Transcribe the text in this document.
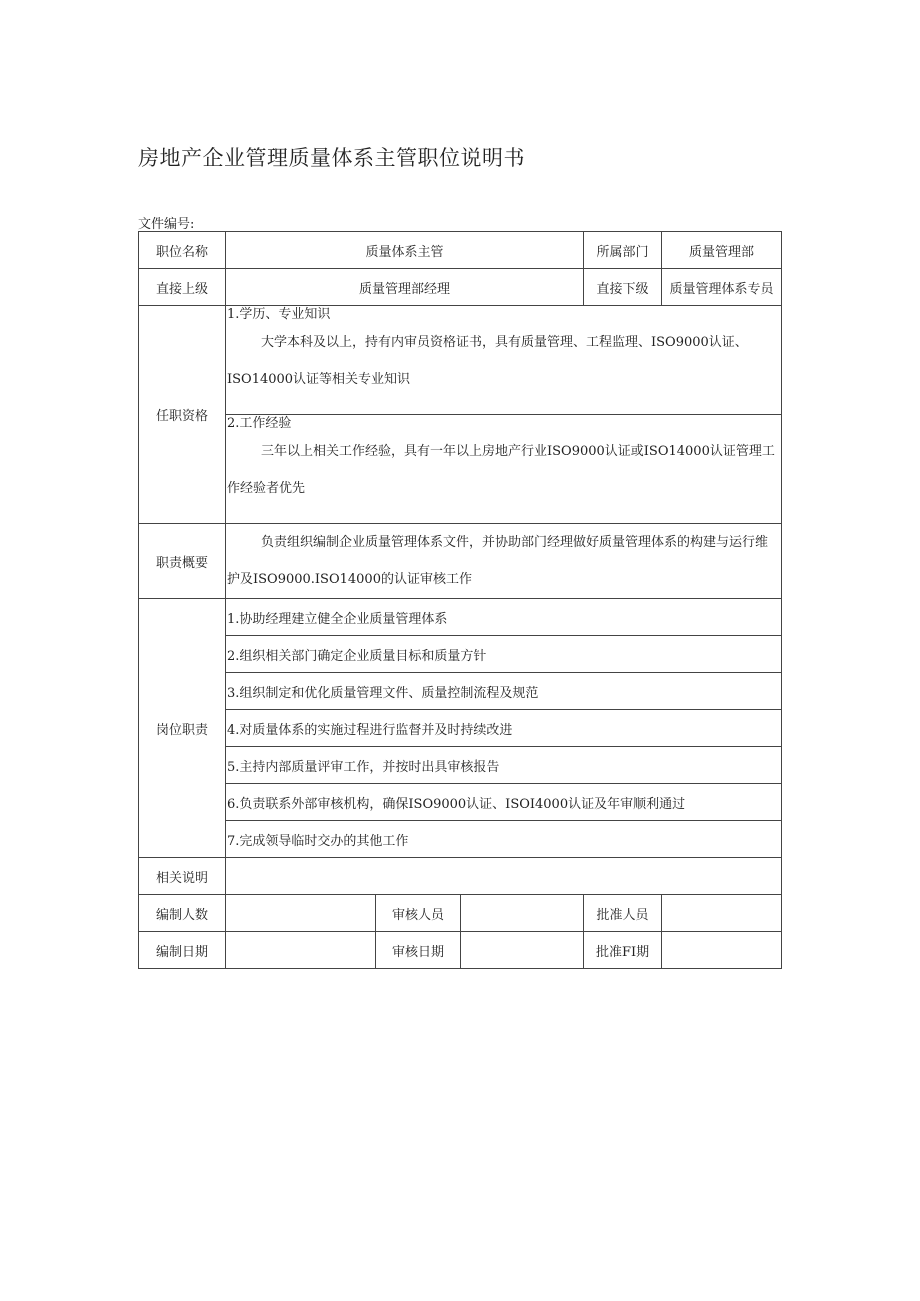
房地产企业管理质量体系主管职位说明书
文件编号:
职位名称	质量体系主管			所属部门	质量管理部
直接上级	质量管理部经理			直接下级	质量管理体系专员
任职资格	1.学历、专业知识
大学本科及以上，持有内审员资格证书，具有质量管理、工程监理、ISO9000认证、ISO14000认证等相关专业知识				

	2.工作经验
三年以上相关工作经验，具有一年以上房地产行业ISO9000认证或ISO14000认证管理工作经验者优先				

职责概要	负责组织编制企业质量管理体系文件，并协助部门经理做好质量管理体系的构建与运行维护及ISO9000.ISO14000的认证审核工作				

岗位职责	1.协助经理建立健全企业质量管理体系				
	2.组织相关部门确定企业质量目标和质量方针				
	3.组织制定和优化质量管理文件、质量控制流程及规范				
	4.对质量体系的实施过程进行监督并及时持续改进				
	5.主持内部质量评审工作，并按时出具审核报告				
	6.负责联系外部审核机构，确保ISO9000认证、ISOI4000认证及年审顺利通过				
	7.完成领导临时交办的其他工作				
相关说明					
编制人数		审核人员		批准人员	
编制日期		审核日期		批准FI期	
